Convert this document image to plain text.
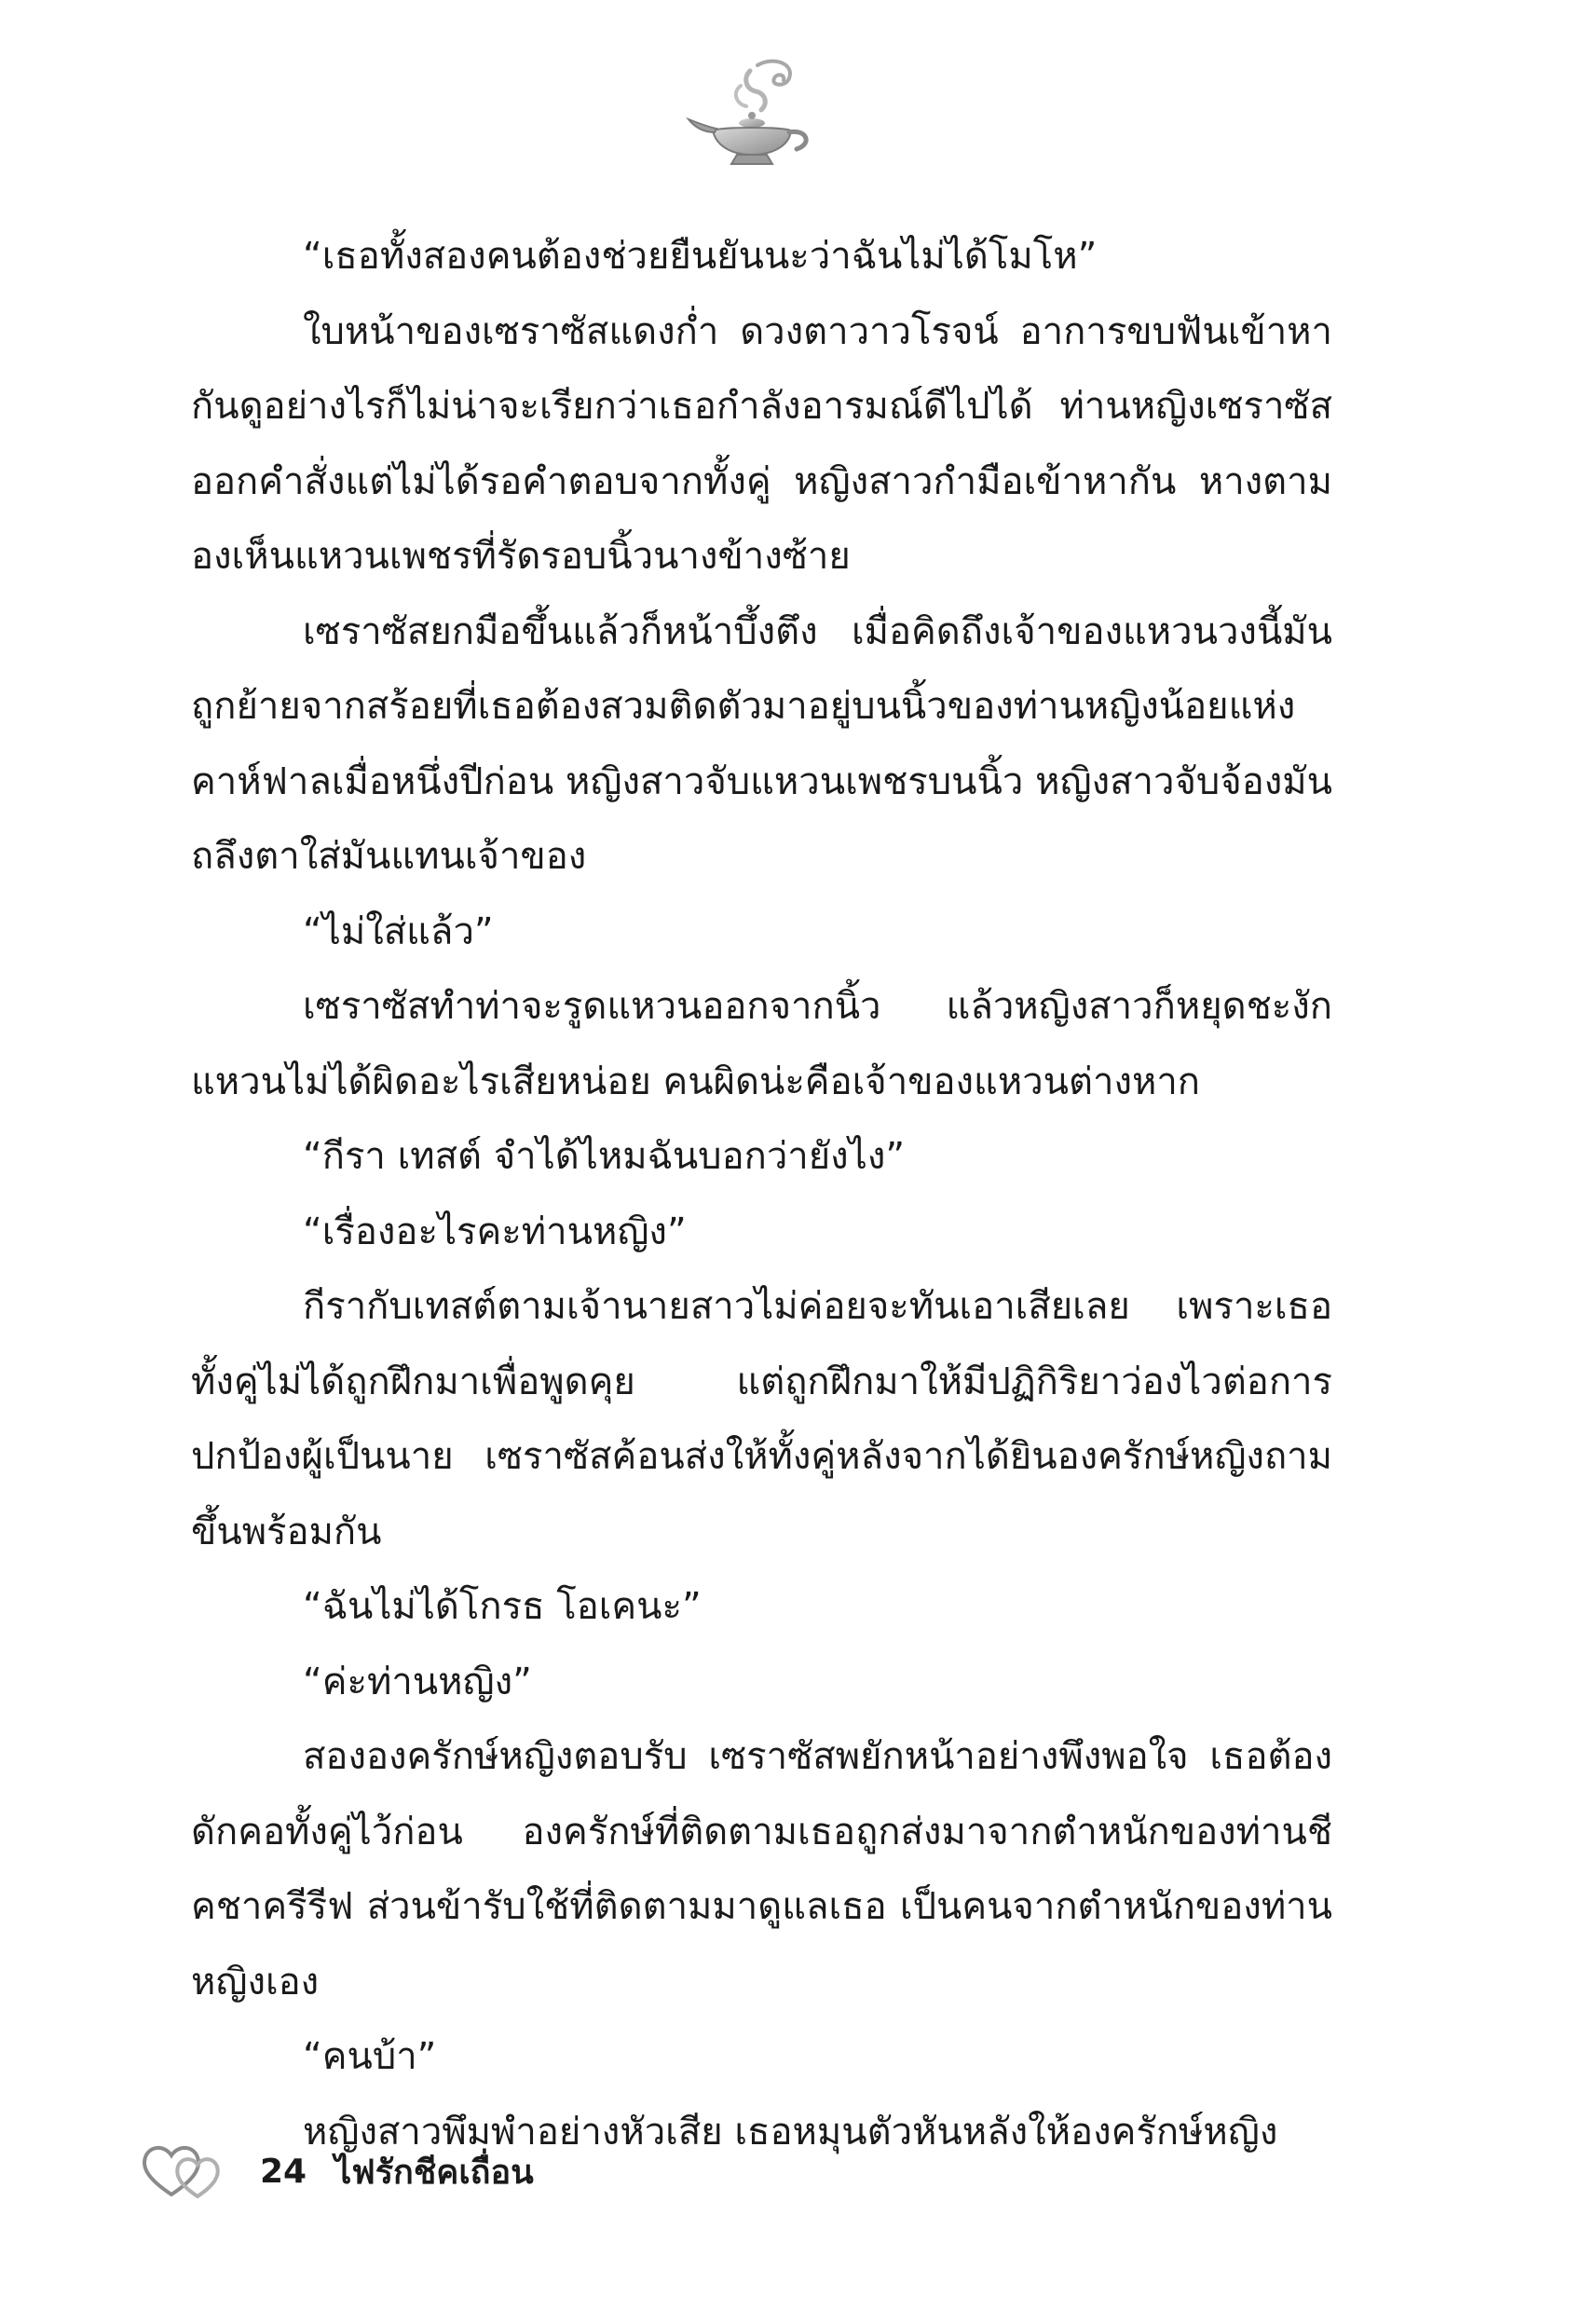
“เธอทั้งสองคนต้องช่วยยืนยันนะว่าฉันไม่ได้โมโห”

ใบหน้าของเซราซัสแดงก่ำ ดวงตาวาวโรจน์ อาการขบฟันเข้าหากันดูอย่างไรก็ไม่น่าจะเรียกว่าเธอกำลังอารมณ์ดีไปได้ ท่านหญิงเซราซัสออกคำสั่งแต่ไม่ได้รอคำตอบจากทั้งคู่ หญิงสาวกำมือเข้าหากัน หางตามองเห็นแหวนเพชรที่รัดรอบนิ้วนางข้างซ้าย

เซราซัสยกมือขึ้นแล้วก็หน้าบึ้งตึง เมื่อคิดถึงเจ้าของแหวนวงนี้มันถูกย้ายจากสร้อยที่เธอต้องสวมติดตัวมาอยู่บนนิ้วของท่านหญิงน้อยแห่งคาห์ฟาลเมื่อหนึ่งปีก่อน หญิงสาวจับแหวนเพชรบนนิ้ว หญิงสาวจับจ้องมัน ถลึงตาใส่มันแทนเจ้าของ

“ไม่ใส่แล้ว”

เซราซัสทำท่าจะรูดแหวนออกจากนิ้ว แล้วหญิงสาวก็หยุดชะงักแหวนไม่ได้ผิดอะไรเสียหน่อย คนผิดน่ะคือเจ้าของแหวนต่างหาก

“กีรา เทสต์ จำได้ไหมฉันบอกว่ายังไง”

“เรื่องอะไรคะท่านหญิง”

กีรากับเทสต์ตามเจ้านายสาวไม่ค่อยจะทันเอาเสียเลย เพราะเธอทั้งคู่ไม่ได้ถูกฝึกมาเพื่อพูดคุย แต่ถูกฝึกมาให้มีปฏิกิริยาว่องไวต่อการปกป้องผู้เป็นนาย เซราซัสค้อนส่งให้ทั้งคู่หลังจากได้ยินองครักษ์หญิงถามขึ้นพร้อมกัน

“ฉันไม่ได้โกรธ โอเคนะ”

“ค่ะท่านหญิง”

สององครักษ์หญิงตอบรับ เซราซัสพยักหน้าอย่างพึงพอใจ เธอต้องดักคอทั้งคู่ไว้ก่อน องครักษ์ที่ติดตามเธอถูกส่งมาจากตำหนักของท่านชีคชาครีรีฟ ส่วนข้ารับใช้ที่ติดตามมาดูแลเธอ เป็นคนจากตำหนักของท่านหญิงเอง

“คนบ้า”

หญิงสาวพึมพำอย่างหัวเสีย เธอหมุนตัวหันหลังให้องครักษ์หญิง

24 ไฟรักชีคเถื่อน
